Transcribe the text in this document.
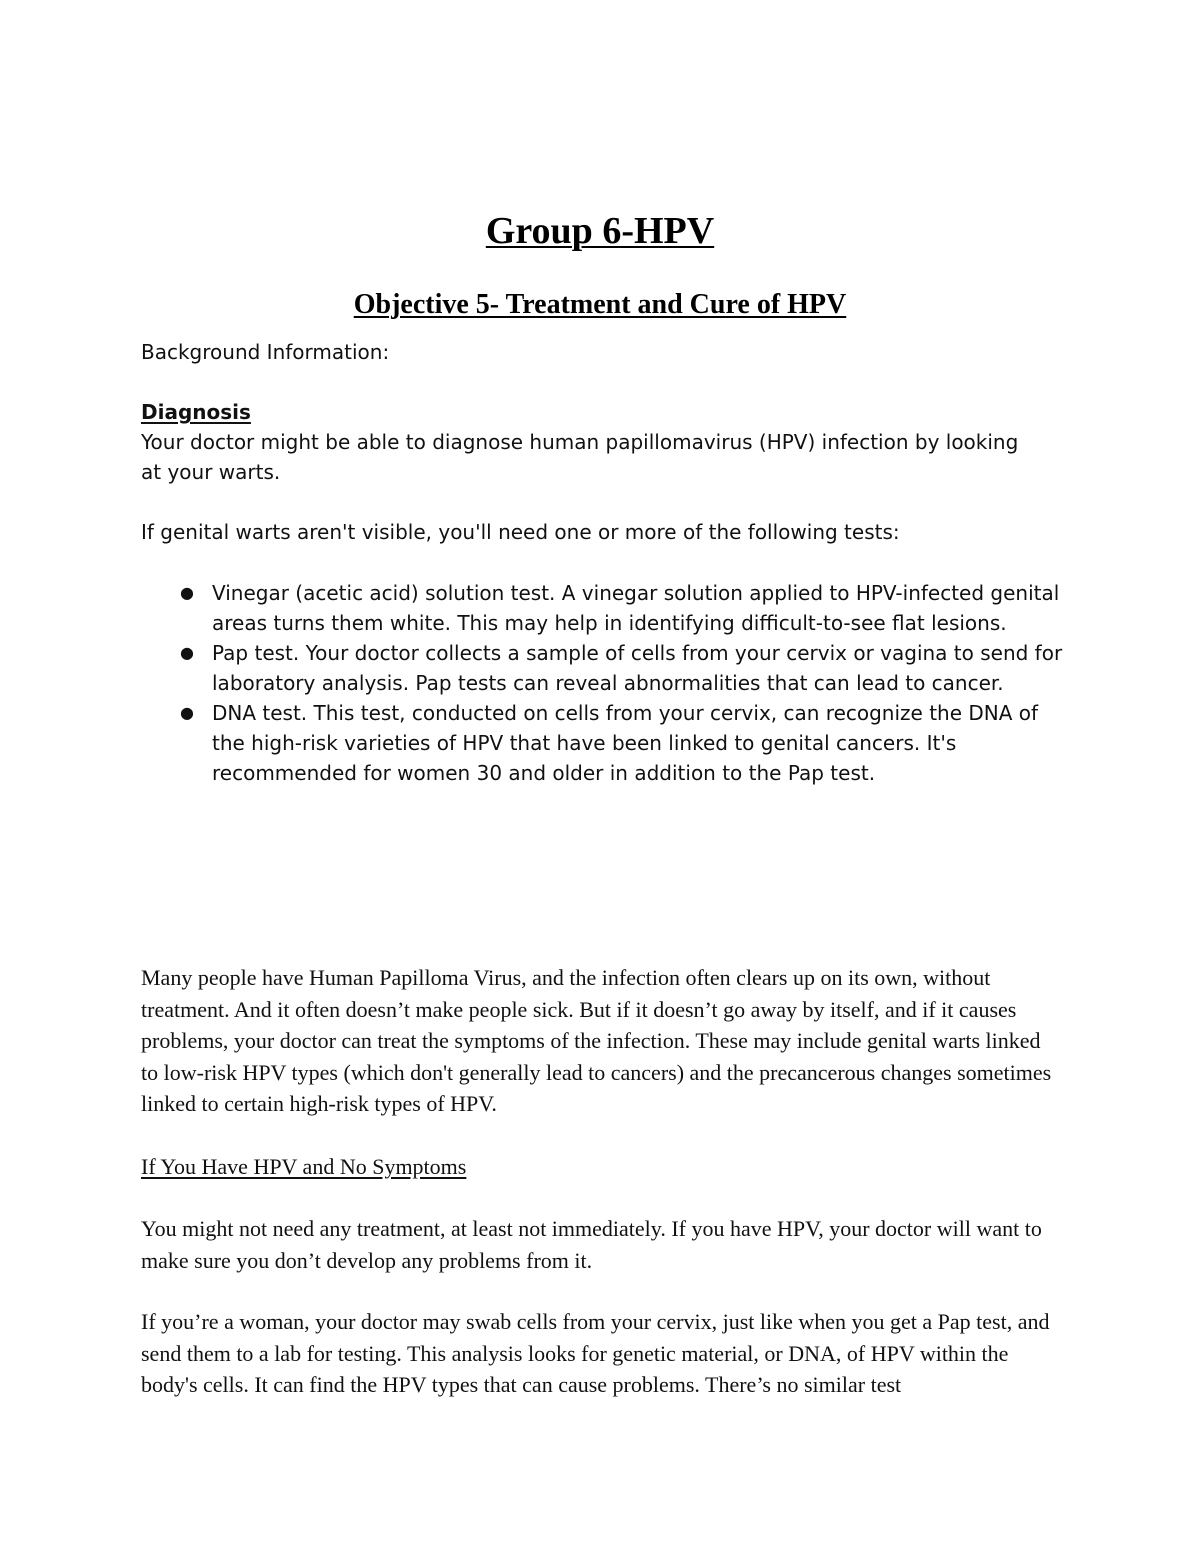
Group 6-HPV
Objective 5- Treatment and Cure of HPV

Background Information:

Diagnosis

Your doctor might be able to diagnose human papillomavirus (HPV) infection by looking at your warts.

If genital warts aren't visible, you'll need one or more of the following tests:

● Vinegar (acetic acid) solution test. A vinegar solution applied to HPV-infected genital areas turns them white. This may help in identifying difficult-to-see flat lesions.
● Pap test. Your doctor collects a sample of cells from your cervix or vagina to send for laboratory analysis. Pap tests can reveal abnormalities that can lead to cancer.
● DNA test. This test, conducted on cells from your cervix, can recognize the DNA of the high-risk varieties of HPV that have been linked to genital cancers. It's recommended for women 30 and older in addition to the Pap test.

Many people have Human Papilloma Virus, and the infection often clears up on its own, without treatment. And it often doesn’t make people sick. But if it doesn’t go away by itself, and if it causes problems, your doctor can treat the symptoms of the infection. These may include genital warts linked to low-risk HPV types (which don't generally lead to cancers) and the precancerous changes sometimes linked to certain high-risk types of HPV.

If You Have HPV and No Symptoms

You might not need any treatment, at least not immediately. If you have HPV, your doctor will want to make sure you don’t develop any problems from it.

If you’re a woman, your doctor may swab cells from your cervix, just like when you get a Pap test, and send them to a lab for testing. This analysis looks for genetic material, or DNA, of HPV within the body's cells. It can find the HPV types that can cause problems. There’s no similar test
